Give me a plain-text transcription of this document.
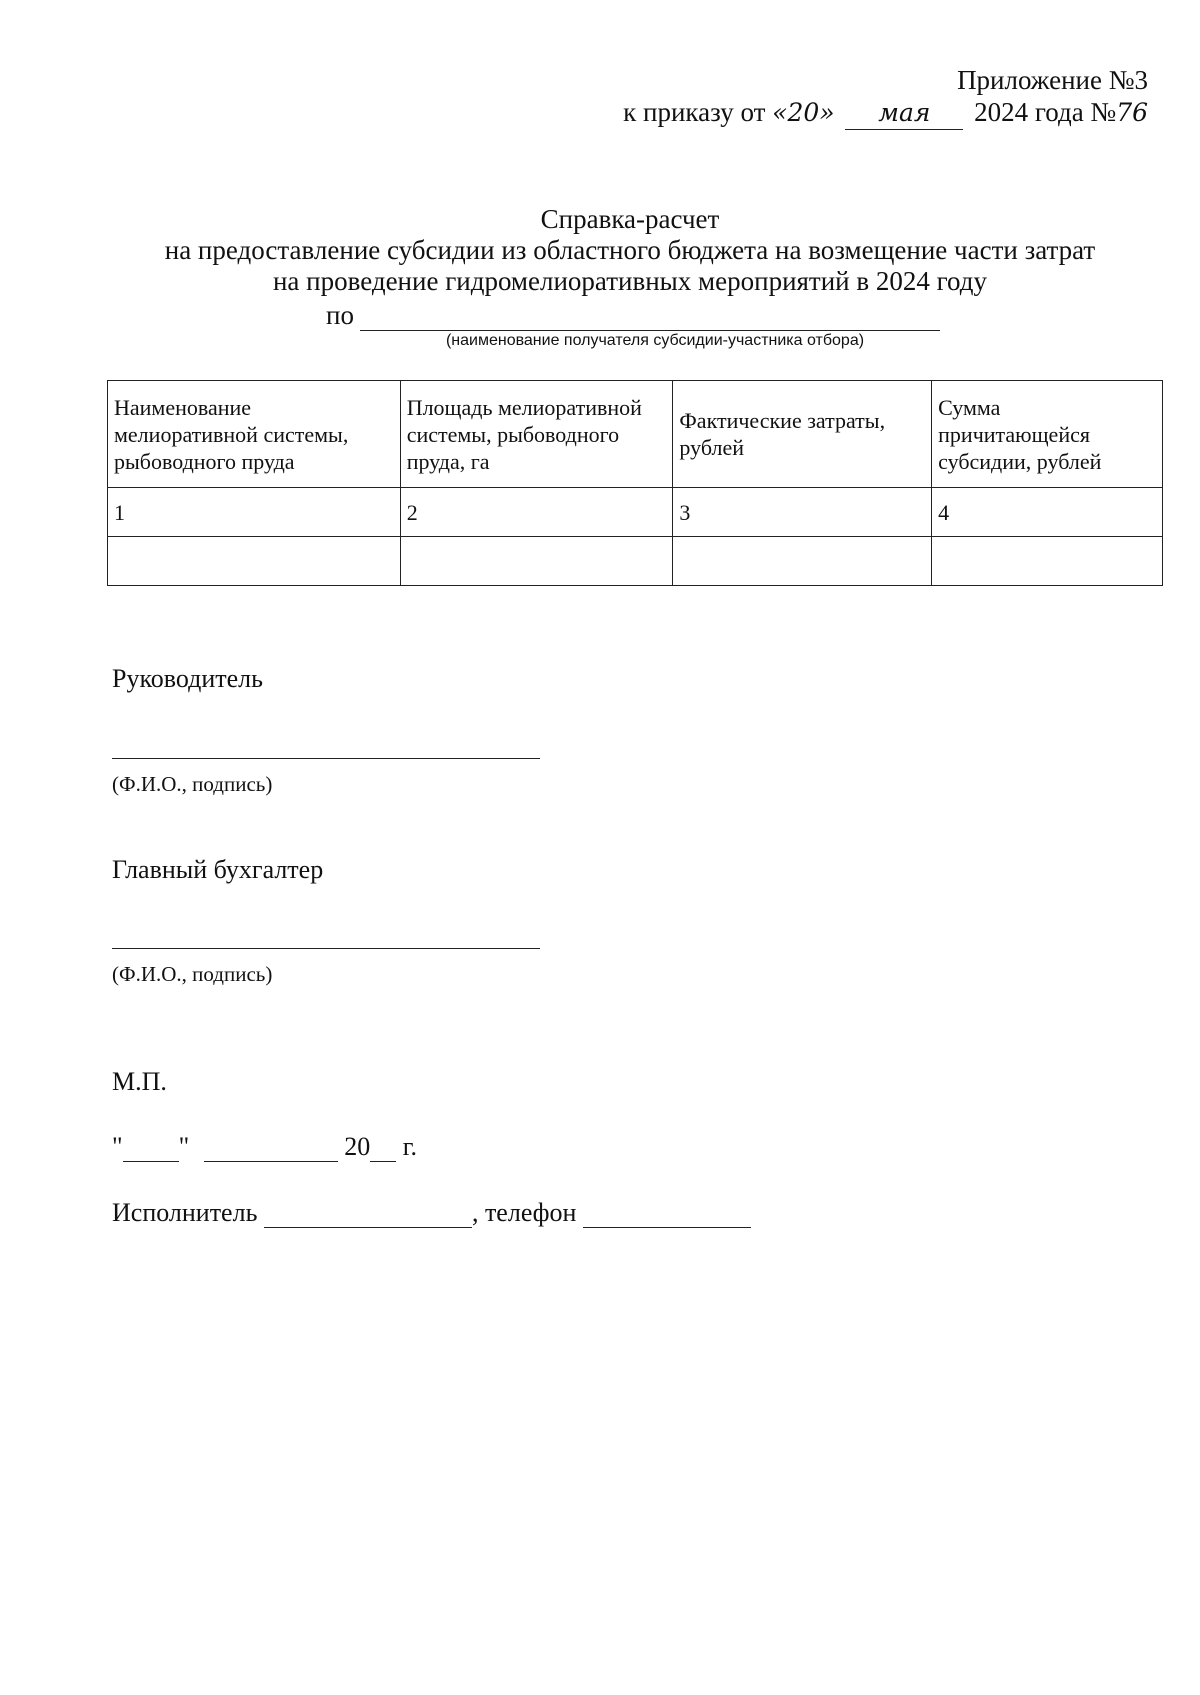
Приложение №3
к приказу от «20» мая 2024 года №76
Справка-расчет
на предоставление субсидии из областного бюджета на возмещение части затрат
на проведение гидромелиоративных мероприятий в 2024 году
по
(наименование получателя субсидии-участника отбора)
Наименование мелиоративной системы, рыбоводного пруда	Площадь мелиоративной системы, рыбоводного пруда, га	Фактические затраты, рублей	Сумма причитающейся субсидии, рублей
1	2	3	4

Руководитель
(Ф.И.О., подпись)
Главный бухгалтер
(Ф.И.О., подпись)
М.П.
" "	20 г.
Исполнитель	, телефон
